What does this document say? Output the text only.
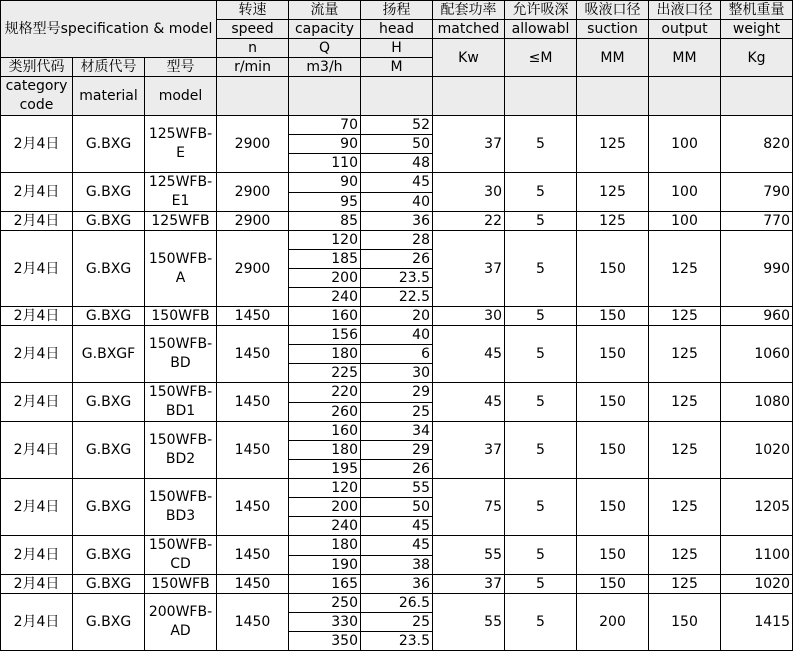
规格型号specification & model			转速	流量	扬程	配套功率	允许吸深	吸液口径	出液口径	整机重量
			speed	capacity	head	matched	allowabl	suction	output	weight
			n	Q	H	Kw	≤M	MM	MM	Kg
类别代码	材质代号	型号	r/min	m3/h	M					
category code	material	model								
2月4日	G.BXG	125WFB-E	2900	70	52	37	5	125	100	820
				90	50					
				110	48					
2月4日	G.BXG	125WFB-E1	2900	90	45	30	5	125	100	790
				95	40					
2月4日	G.BXG	125WFB	2900	85	36	22	5	125	100	770
2月4日	G.BXG	150WFB-A	2900	120	28	37	5	150	125	990
				185	26					
				200	23.5					
				240	22.5					
2月4日	G.BXG	150WFB	1450	160	20	30	5	150	125	960
2月4日	G.BXGF	150WFB-BD	1450	156	40	45	5	150	125	1060
				180	6					
				225	30					
2月4日	G.BXG	150WFB-BD1	1450	220	29	45	5	150	125	1080
				260	25					
2月4日	G.BXG	150WFB-BD2	1450	160	34	37	5	150	125	1020
				180	29					
				195	26					
2月4日	G.BXG	150WFB-BD3	1450	120	55	75	5	150	125	1205
				200	50					
				240	45					
2月4日	G.BXG	150WFB-CD	1450	180	45	55	5	150	125	1100
				190	38					
2月4日	G.BXG	150WFB	1450	165	36	37	5	150	125	1020
2月4日	G.BXG	200WFB-AD	1450	250	26.5	55	5	200	150	1415
				330	25					
				350	23.5					
